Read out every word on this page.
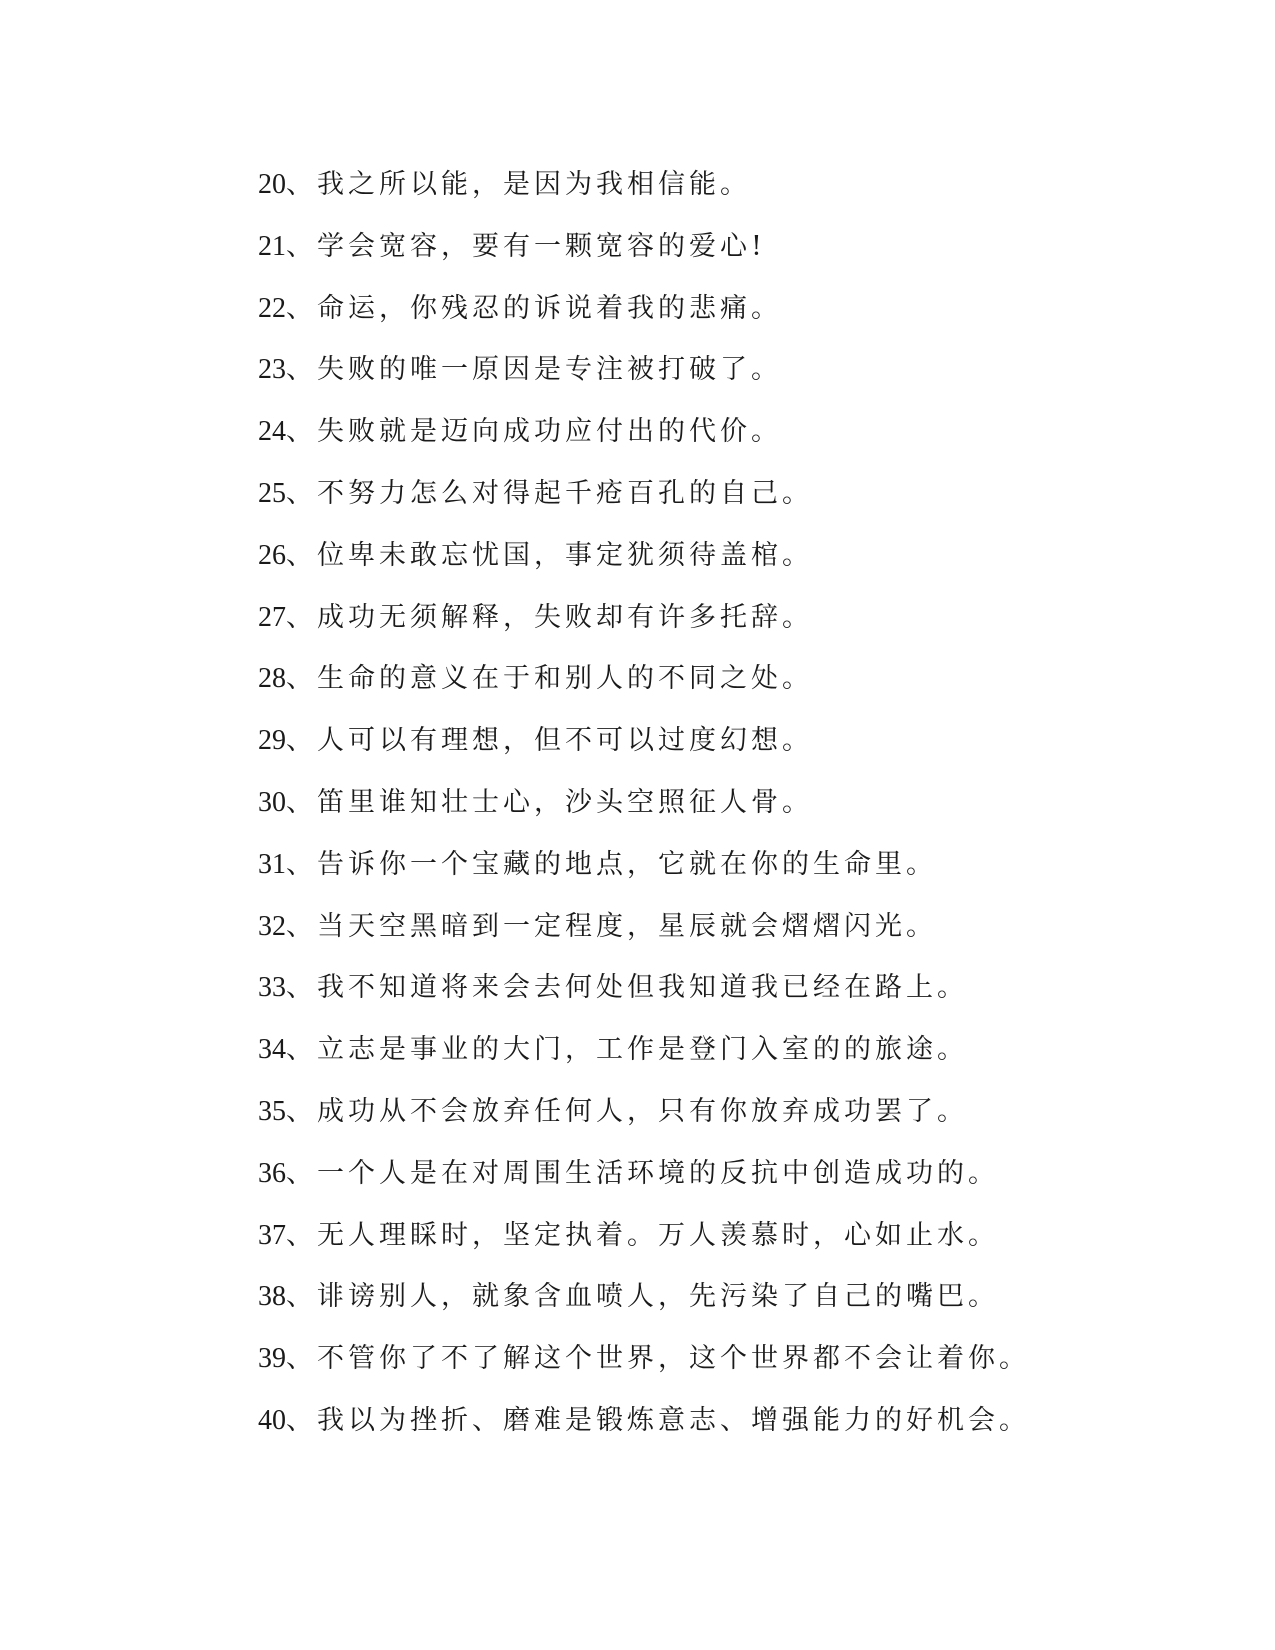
20、我之所以能，是因为我相信能。
21、学会宽容，要有一颗宽容的爱心!
22、命运，你残忍的诉说着我的悲痛。
23、失败的唯一原因是专注被打破了。
24、失败就是迈向成功应付出的代价。
25、不努力怎么对得起千疮百孔的自己。
26、位卑未敢忘忧国，事定犹须待盖棺。
27、成功无须解释，失败却有许多托辞。
28、生命的意义在于和别人的不同之处。
29、人可以有理想，但不可以过度幻想。
30、笛里谁知壮士心，沙头空照征人骨。
31、告诉你一个宝藏的地点，它就在你的生命里。
32、当天空黑暗到一定程度，星辰就会熠熠闪光。
33、我不知道将来会去何处但我知道我已经在路上。
34、立志是事业的大门，工作是登门入室的的旅途。
35、成功从不会放弃任何人，只有你放弃成功罢了。
36、一个人是在对周围生活环境的反抗中创造成功的。
37、无人理睬时，坚定执着。万人羡慕时，心如止水。
38、诽谤别人，就象含血喷人，先污染了自己的嘴巴。
39、不管你了不了解这个世界，这个世界都不会让着你。
40、我以为挫折、磨难是锻炼意志、增强能力的好机会。
